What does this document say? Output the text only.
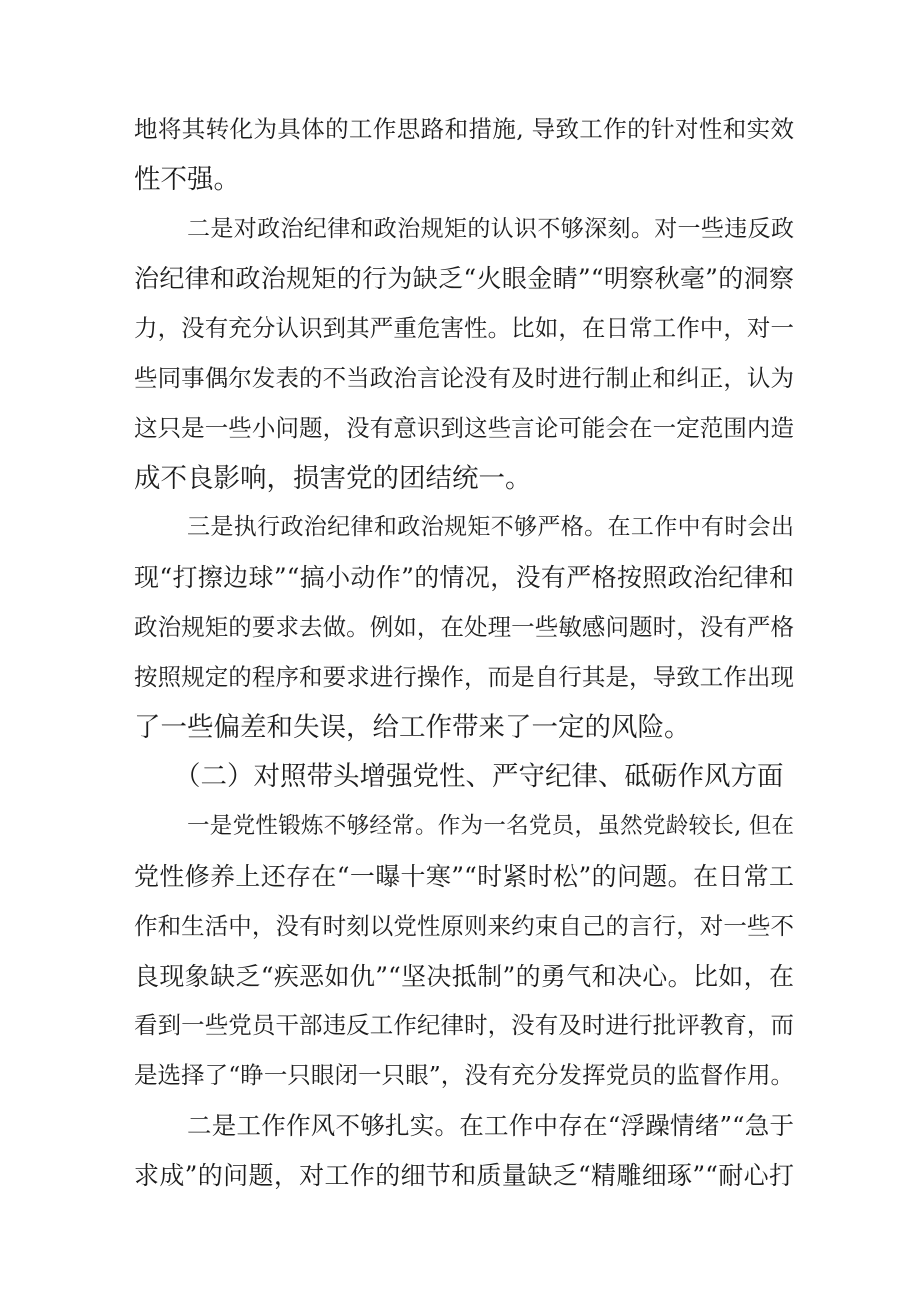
地将其转化为具体的工作思路和措施, 导致工作的针对性和实效
性不强。
二是对政治纪律和政治规矩的认识不够深刻。对一些违反政
治纪律和政治规矩的行为缺乏“火眼金睛”“明察秋毫”的洞察
力，没有充分认识到其严重危害性。比如，在日常工作中，对一
些同事偶尔发表的不当政治言论没有及时进行制止和纠正，认为
这只是一些小问题，没有意识到这些言论可能会在一定范围内造
成不良影响，损害党的团结统一。
三是执行政治纪律和政治规矩不够严格。在工作中有时会出
现“打擦边球”“搞小动作”的情况，没有严格按照政治纪律和
政治规矩的要求去做。例如，在处理一些敏感问题时，没有严格
按照规定的程序和要求进行操作，而是自行其是，导致工作出现
了一些偏差和失误，给工作带来了一定的风险。
（二）对照带头增强党性、严守纪律、砥砺作风方面
一是党性锻炼不够经常。作为一名党员，虽然党龄较长, 但在
党性修养上还存在“一曝十寒”“时紧时松”的问题。在日常工
作和生活中，没有时刻以党性原则来约束自己的言行，对一些不
良现象缺乏“疾恶如仇”“坚决抵制”的勇气和决心。比如，在
看到一些党员干部违反工作纪律时，没有及时进行批评教育，而
是选择了“睁一只眼闭一只眼”，没有充分发挥党员的监督作用。
二是工作作风不够扎实。在工作中存在“浮躁情绪”“急于
求成”的问题，对工作的细节和质量缺乏“精雕细琢”“耐心打
